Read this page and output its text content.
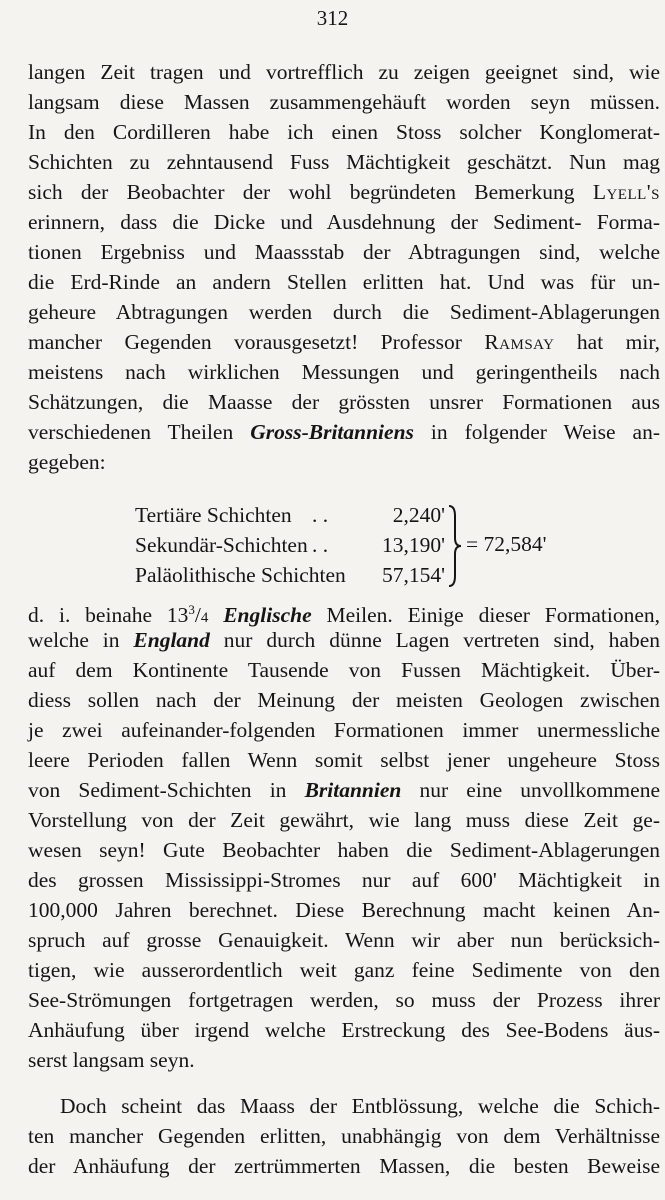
312
langen Zeit tragen und vortrefflich zu zeigen geeignet sind, wie
langsam diese Massen zusammengehäuft worden seyn müssen.
In den Cordilleren habe ich einen Stoss solcher Konglomerat-
Schichten zu zehntausend Fuss Mächtigkeit geschätzt. Nun mag
sich der Beobachter der wohl begründeten Bemerkung Lyell's
erinnern, dass die Dicke und Ausdehnung der Sediment- Forma-
tionen Ergebniss und Maassstab der Abtragungen sind, welche
die Erd-Rinde an andern Stellen erlitten hat. Und was für un-
geheure Abtragungen werden durch die Sediment-Ablagerungen
mancher Gegenden vorausgesetzt! Professor Ramsay hat mir,
meistens nach wirklichen Messungen und geringentheils nach
Schätzungen, die Maasse der grössten unsrer Formationen aus
verschiedenen Theilen Gross-Britanniens in folgender Weise an-
gegeben:
Tertiäre Schichten . .	2,240'
Sekundär-Schichten . .	13,190'
Paläolithische Schichten 57,154'
= 72,584'
d. i. beinahe $13^3/4$ Englische Meilen. Einige dieser Formationen,
welche in England nur durch dünne Lagen vertreten sind, haben
auf dem Kontinente Tausende von Fussen Mächtigkeit. Über-
diess sollen nach der Meinung der meisten Geologen zwischen
je zwei aufeinander-folgenden Formationen immer unermessliche
leere Perioden fallen Wenn somit selbst jener ungeheure Stoss
von Sediment-Schichten in Britannien nur eine unvollkommene
Vorstellung von der Zeit gewährt, wie lang muss diese Zeit ge-
wesen seyn! Gute Beobachter haben die Sediment-Ablagerungen
des grossen Mississippi-Stromes nur auf 600' Mächtigkeit in
100,000 Jahren berechnet. Diese Berechnung macht keinen An-
spruch auf grosse Genauigkeit. Wenn wir aber nun berücksich-
tigen, wie ausserordentlich weit ganz feine Sedimente von den
See-Strömungen fortgetragen werden, so muss der Prozess ihrer
Anhäufung über irgend welche Erstreckung des See-Bodens äus-
serst langsam seyn.
Doch scheint das Maass der Entblössung, welche die Schich-
ten mancher Gegenden erlitten, unabhängig von dem Verhältnisse
der Anhäufung der zertrümmerten Massen, die besten Beweise
